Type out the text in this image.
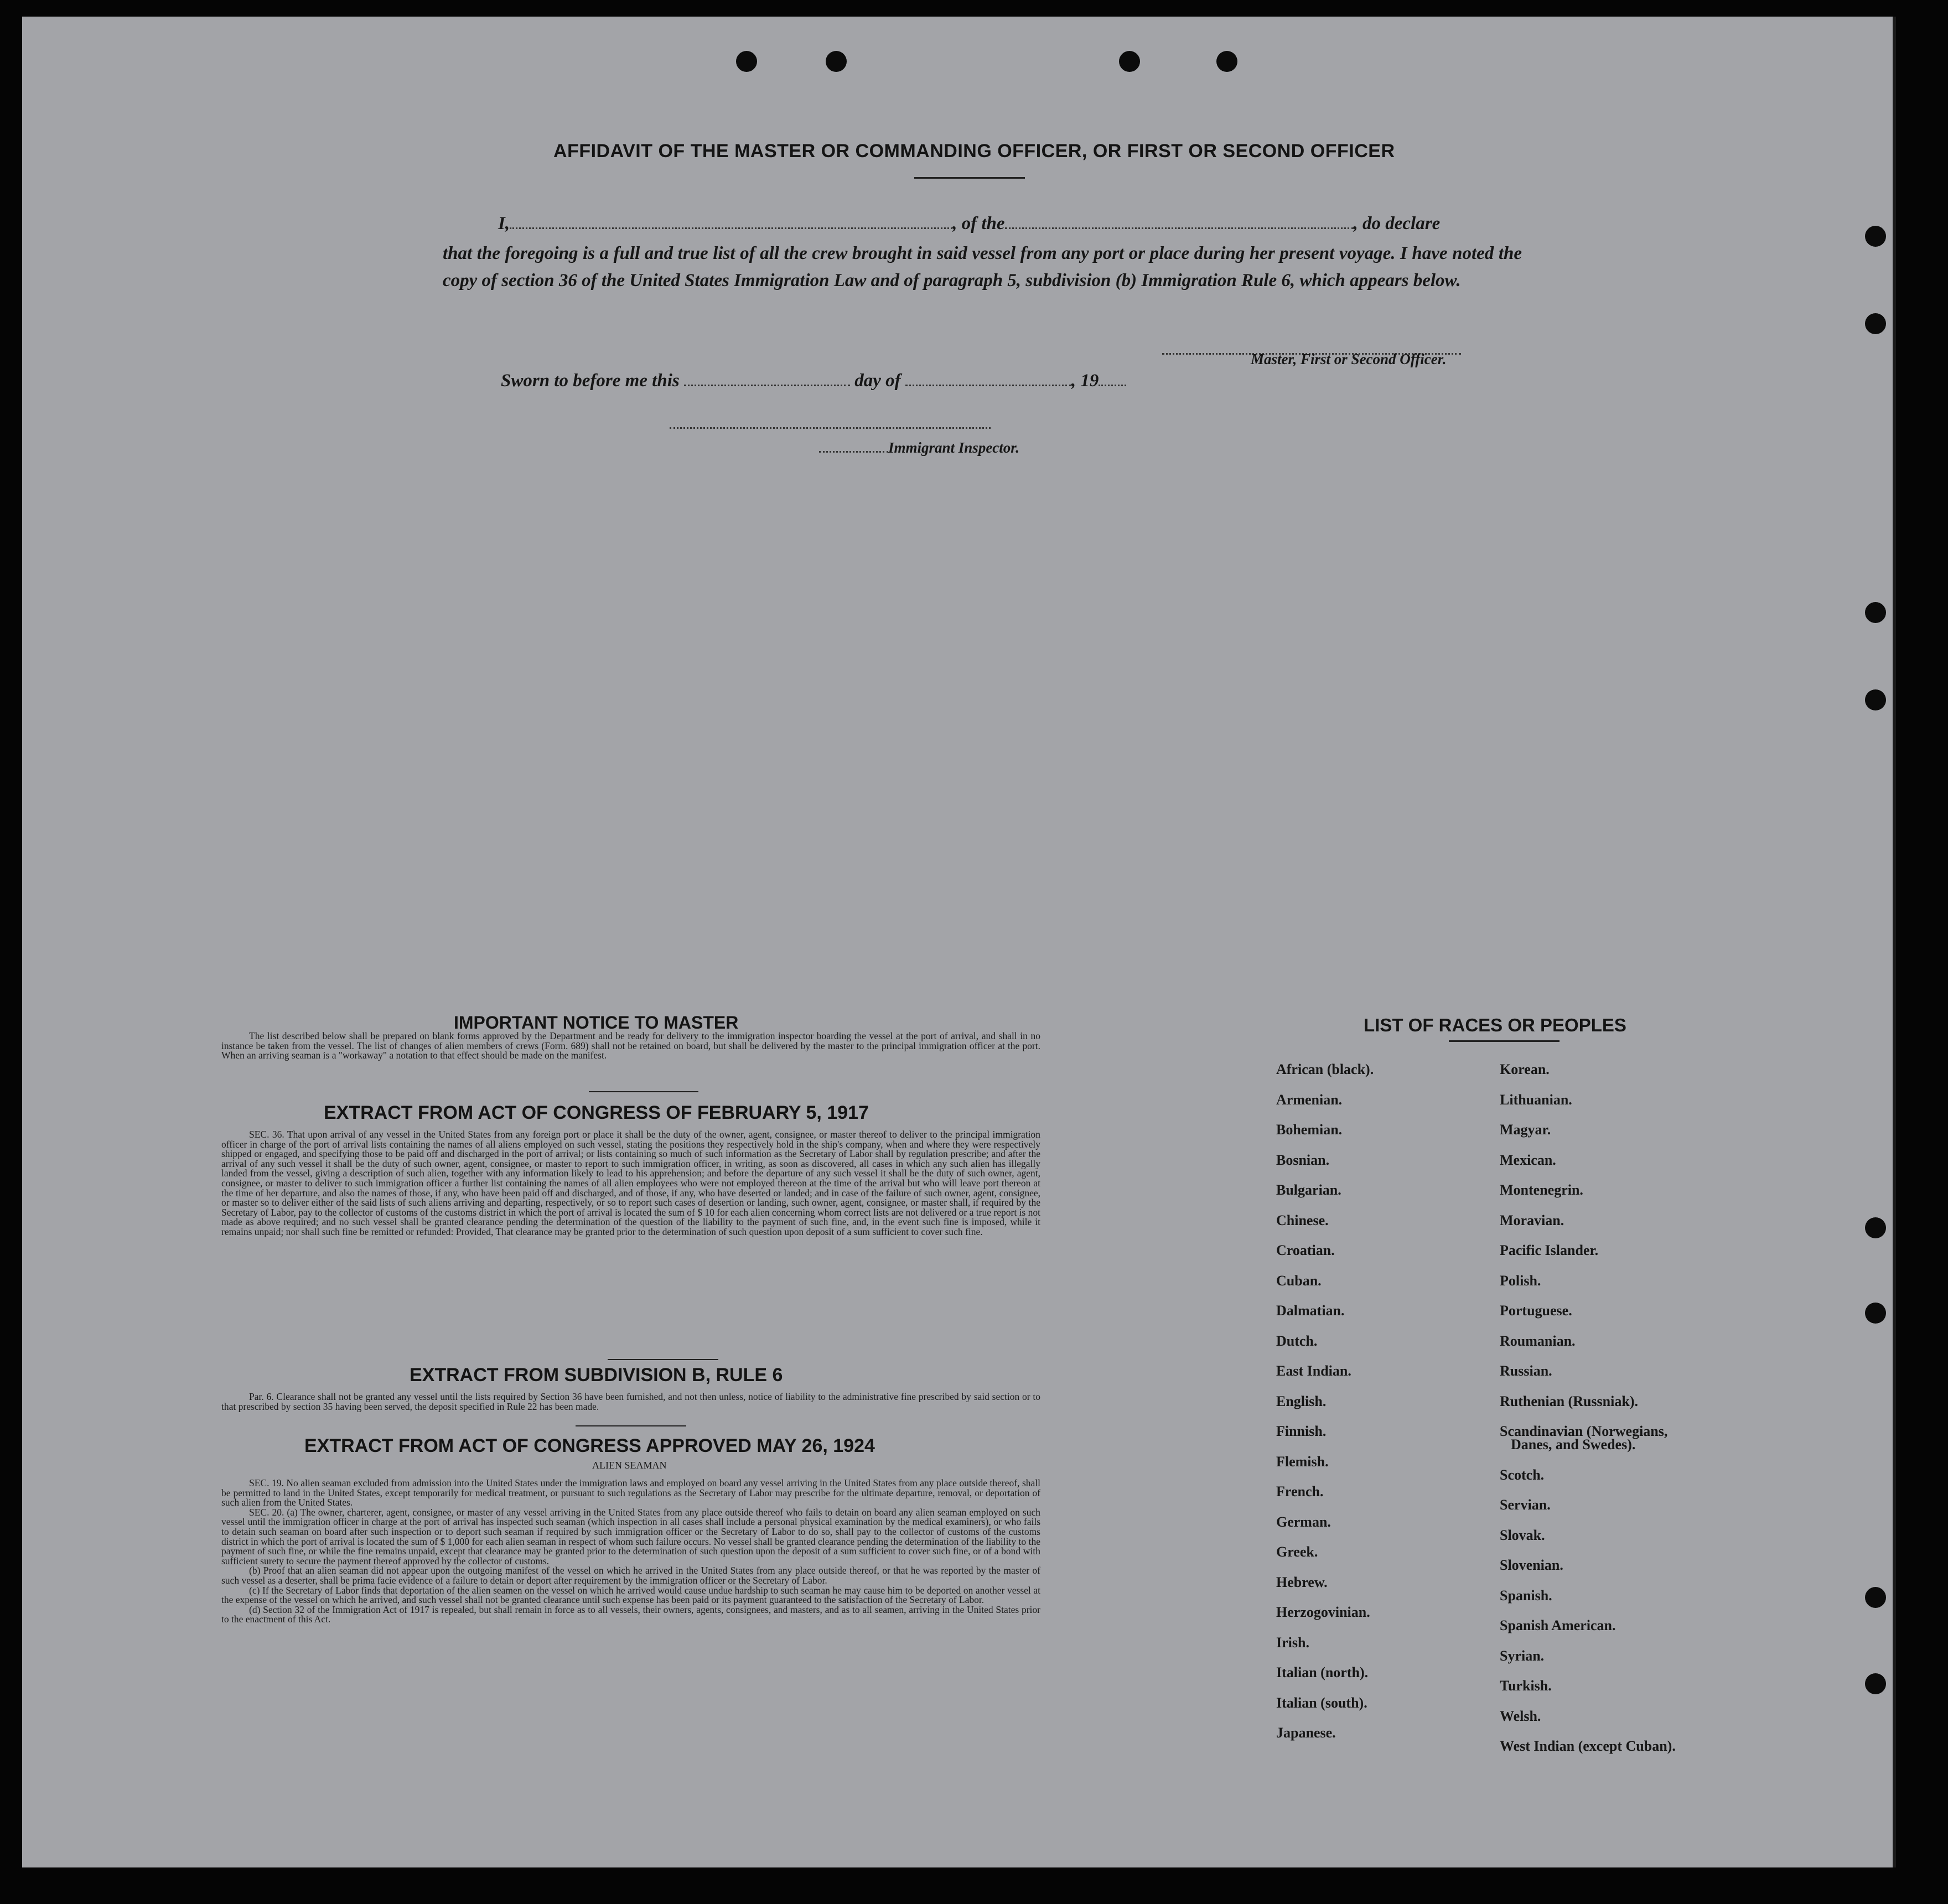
AFFIDAVIT OF THE MASTER OR COMMANDING OFFICER, OR FIRST OR SECOND OFFICER
I,	, of the	, do declare
that the foregoing is a full and true list of all the crew brought in said vessel from any port or place during her present voyage. I have noted the copy of section 36 of the United States Immigration Law and of paragraph 5, subdivision (b) Immigration Rule 6, which appears below.
Master, First or Second Officer.
Sworn to before me this	day of	, 19
Immigrant Inspector.
IMPORTANT NOTICE TO MASTER
The list described below shall be prepared on blank forms approved by the Department and be ready for delivery to the immigration inspector boarding the vessel at the port of arrival, and shall in no instance be taken from the vessel. The list of changes of alien members of crews (Form. 689) shall not be retained on board, but shall be delivered by the master to the principal immigration officer at the port. When an arriving seaman is a "workaway" a notation to that effect should be made on the manifest.
EXTRACT FROM ACT OF CONGRESS OF FEBRUARY 5, 1917
SEC. 36. That upon arrival of any vessel in the United States from any foreign port or place it shall be the duty of the owner, agent, consignee, or master thereof to deliver to the principal immigration officer in charge of the port of arrival lists containing the names of all aliens employed on such vessel, stating the positions they respectively hold in the ship's company, when and where they were respectively shipped or engaged, and specifying those to be paid off and discharged in the port of arrival; or lists containing so much of such information as the Secretary of Labor shall by regulation prescribe; and after the arrival of any such vessel it shall be the duty of such owner, agent, consignee, or master to report to such immigration officer, in writing, as soon as discovered, all cases in which any such alien has illegally landed from the vessel, giving a description of such alien, together with any information likely to lead to his apprehension; and before the departure of any such vessel it shall be the duty of such owner, agent, consignee, or master to deliver to such immigration officer a further list containing the names of all alien employees who were not employed thereon at the time of the arrival but who will leave port thereon at the time of her departure, and also the names of those, if any, who have been paid off and discharged, and of those, if any, who have deserted or landed; and in case of the failure of such owner, agent, consignee, or master so to deliver either of the said lists of such aliens arriving and departing, respectively, or so to report such cases of desertion or landing, such owner, agent, consignee, or master shall, if required by the Secretary of Labor, pay to the collector of customs of the customs district in which the port of arrival is located the sum of $ 10 for each alien concerning whom correct lists are not delivered or a true report is not made as above required; and no such vessel shall be granted clearance pending the determination of the question of the liability to the payment of such fine, and, in the event such fine is imposed, while it remains unpaid; nor shall such fine be remitted or refunded: Provided, That clearance may be granted prior to the determination of such question upon deposit of a sum sufficient to cover such fine.
EXTRACT FROM SUBDIVISION B, RULE 6
Par. 6. Clearance shall not be granted any vessel until the lists required by Section 36 have been furnished, and not then unless, notice of liability to the administrative fine prescribed by said section or to that prescribed by section 35 having been served, the deposit specified in Rule 22 has been made.
EXTRACT FROM ACT OF CONGRESS APPROVED MAY 26, 1924
ALIEN SEAMAN

SEC. 19. No alien seaman excluded from admission into the United States under the immigration laws and employed on board any vessel arriving in the United States from any place outside thereof, shall be permitted to land in the United States, except temporarily for medical treatment, or pursuant to such regulations as the Secretary of Labor may prescribe for the ultimate departure, removal, or deportation of such alien from the United States.

SEC. 20. (a) The owner, charterer, agent, consignee, or master of any vessel arriving in the United States from any place outside thereof who fails to detain on board any alien seaman employed on such vessel until the immigration officer in charge at the port of arrival has inspected such seaman (which inspection in all cases shall include a personal physical examination by the medical examiners), or who fails to detain such seaman on board after such inspection or to deport such seaman if required by such immigration officer or the Secretary of Labor to do so, shall pay to the collector of customs of the customs district in which the port of arrival is located the sum of $ 1,000 for each alien seaman in respect of whom such failure occurs. No vessel shall be granted clearance pending the determination of the liability to the payment of such fine, or while the fine remains unpaid, except that clearance may be granted prior to the determination of such question upon the deposit of a sum sufficient to cover such fine, or of a bond with sufficient surety to secure the payment thereof approved by the collector of customs.

(b) Proof that an alien seaman did not appear upon the outgoing manifest of the vessel on which he arrived in the United States from any place outside thereof, or that he was reported by the master of such vessel as a deserter, shall be prima facie evidence of a failure to detain or deport after requirement by the immigration officer or the Secretary of Labor.

(c) If the Secretary of Labor finds that deportation of the alien seamen on the vessel on which he arrived would cause undue hardship to such seaman he may cause him to be deported on another vessel at the expense of the vessel on which he arrived, and such vessel shall not be granted clearance until such expense has been paid or its payment guaranteed to the satisfaction of the Secretary of Labor.

(d) Section 32 of the Immigration Act of 1917 is repealed, but shall remain in force as to all vessels, their owners, agents, consignees, and masters, and as to all seamen, arriving in the United States prior to the enactment of this Act.

LIST OF RACES OR PEOPLES
African (black).
Armenian.
Bohemian.
Bosnian.
Bulgarian.
Chinese.
Croatian.
Cuban.
Dalmatian.
Dutch.
East Indian.
English.
Finnish.
Flemish.
French.
German.
Greek.
Hebrew.
Herzogovinian.
Irish.
Italian (north).
Italian (south).
Japanese.
Korean.
Lithuanian.
Magyar.
Mexican.
Montenegrin.
Moravian.
Pacific Islander.
Polish.
Portuguese.
Roumanian.
Russian.
Ruthenian (Russniak).
Scandinavian (Norwegians,
Danes, and Swedes).
Scotch.
Servian.
Slovak.
Slovenian.
Spanish.
Spanish American.
Syrian.
Turkish.
Welsh.
West Indian (except Cuban).
